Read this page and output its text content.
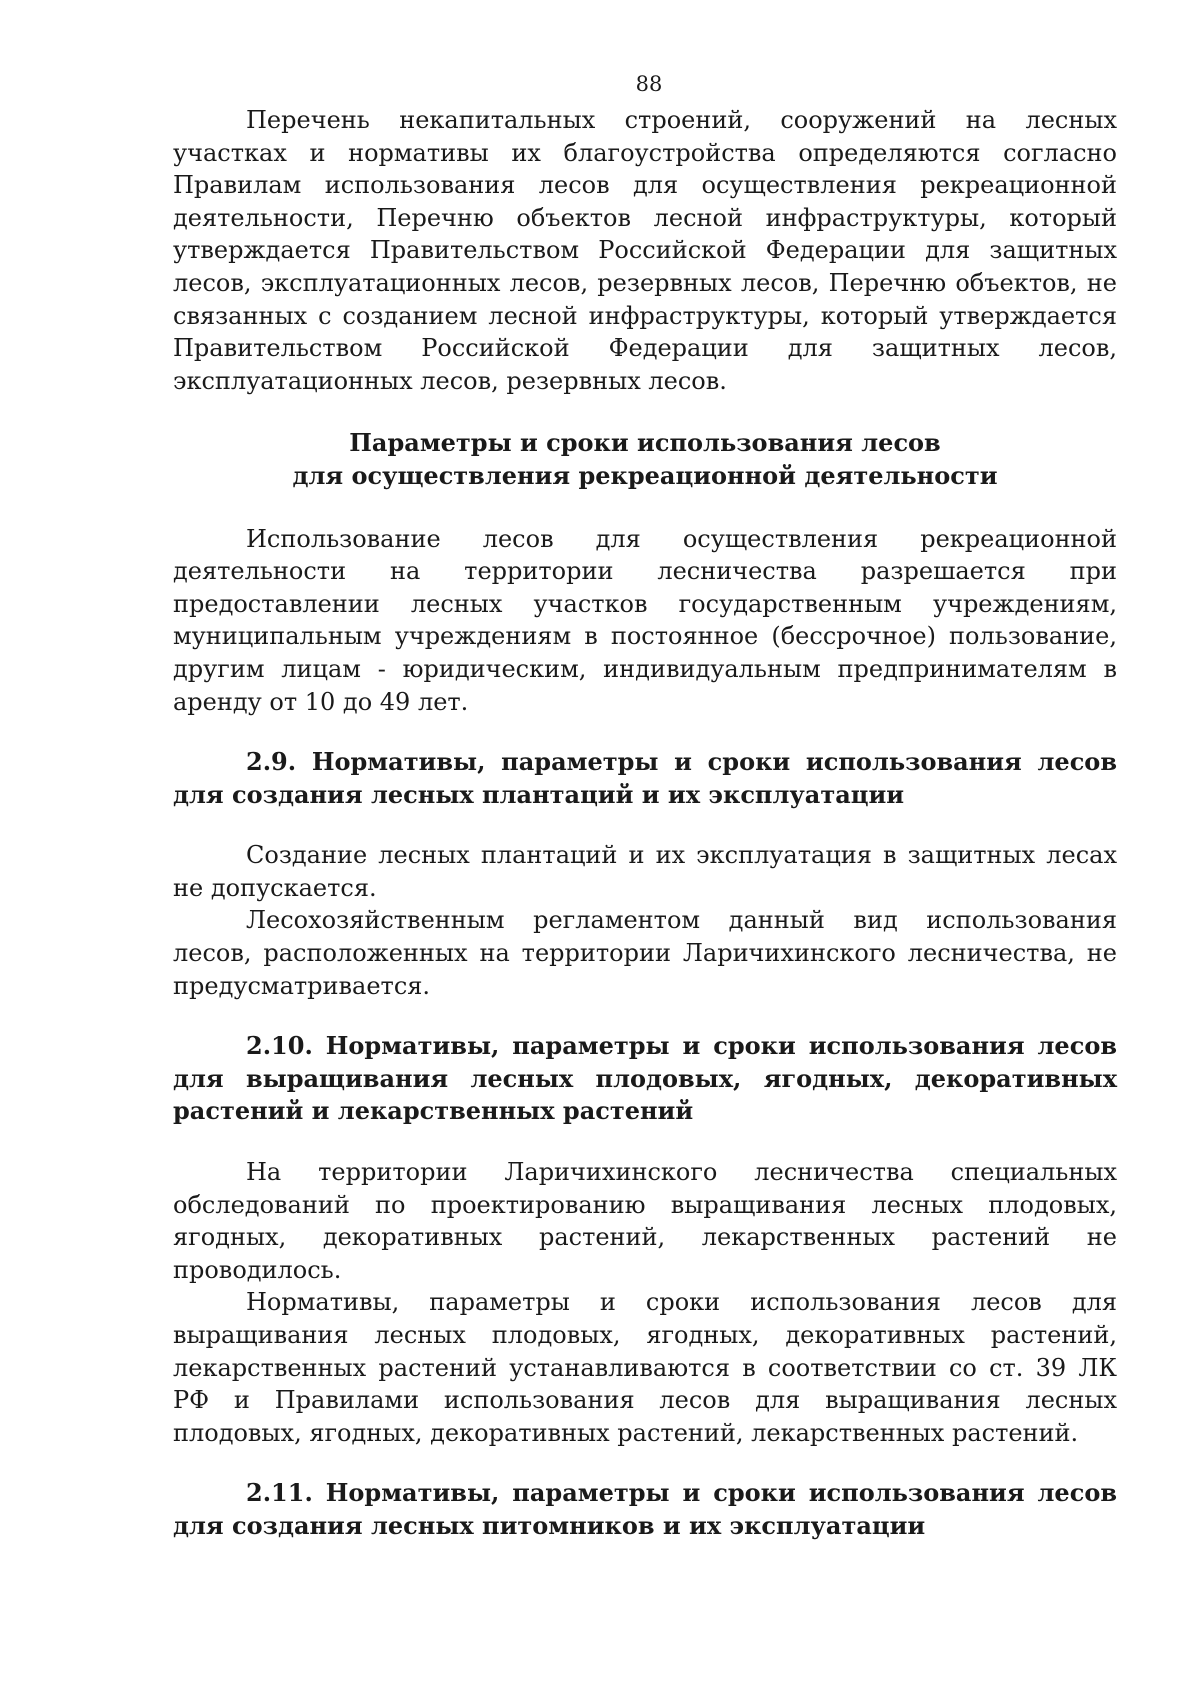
88

Перечень некапитальных строений, сооружений на лесных участках и нормативы их благоустройства определяются согласно Правилам использования лесов для осуществления рекреационной деятельности, Перечню объектов лесной инфраструктуры, который утверждается Правительством Российской Федерации для защитных лесов, эксплуатационных лесов, резервных лесов, Перечню объектов, не связанных с созданием лесной инфраструктуры, который утверждается Правительством Российской Федерации для защитных лесов, эксплуатационных лесов, резервных лесов.

Параметры и сроки использования лесов
для осуществления рекреационной деятельности

Использование лесов для осуществления рекреационной деятельности на территории лесничества разрешается при предоставлении лесных участков государственным учреждениям, муниципальным учреждениям в постоянное (бессрочное) пользование, другим лицам - юридическим, индивидуальным предпринимателям в аренду от 10 до 49 лет.

2.9. Нормативы, параметры и сроки использования лесов для создания лесных плантаций и их эксплуатации

Создание лесных плантаций и их эксплуатация в защитных лесах не допускается.

Лесохозяйственным регламентом данный вид использования лесов, расположенных на территории Ларичихинского лесничества, не предусматривается.

2.10. Нормативы, параметры и сроки использования лесов для выращивания лесных плодовых, ягодных, декоративных растений и лекарственных растений

На территории Ларичихинского лесничества специальных обследований по проектированию выращивания лесных плодовых, ягодных, декоративных растений, лекарственных растений не проводилось.

Нормативы, параметры и сроки использования лесов для выращивания лесных плодовых, ягодных, декоративных растений, лекарственных растений устанавливаются в соответствии со ст. 39 ЛК РФ и Правилами использования лесов для выращивания лесных плодовых, ягодных, декоративных растений, лекарственных растений.

2.11. Нормативы, параметры и сроки использования лесов для создания лесных питомников и их эксплуатации
